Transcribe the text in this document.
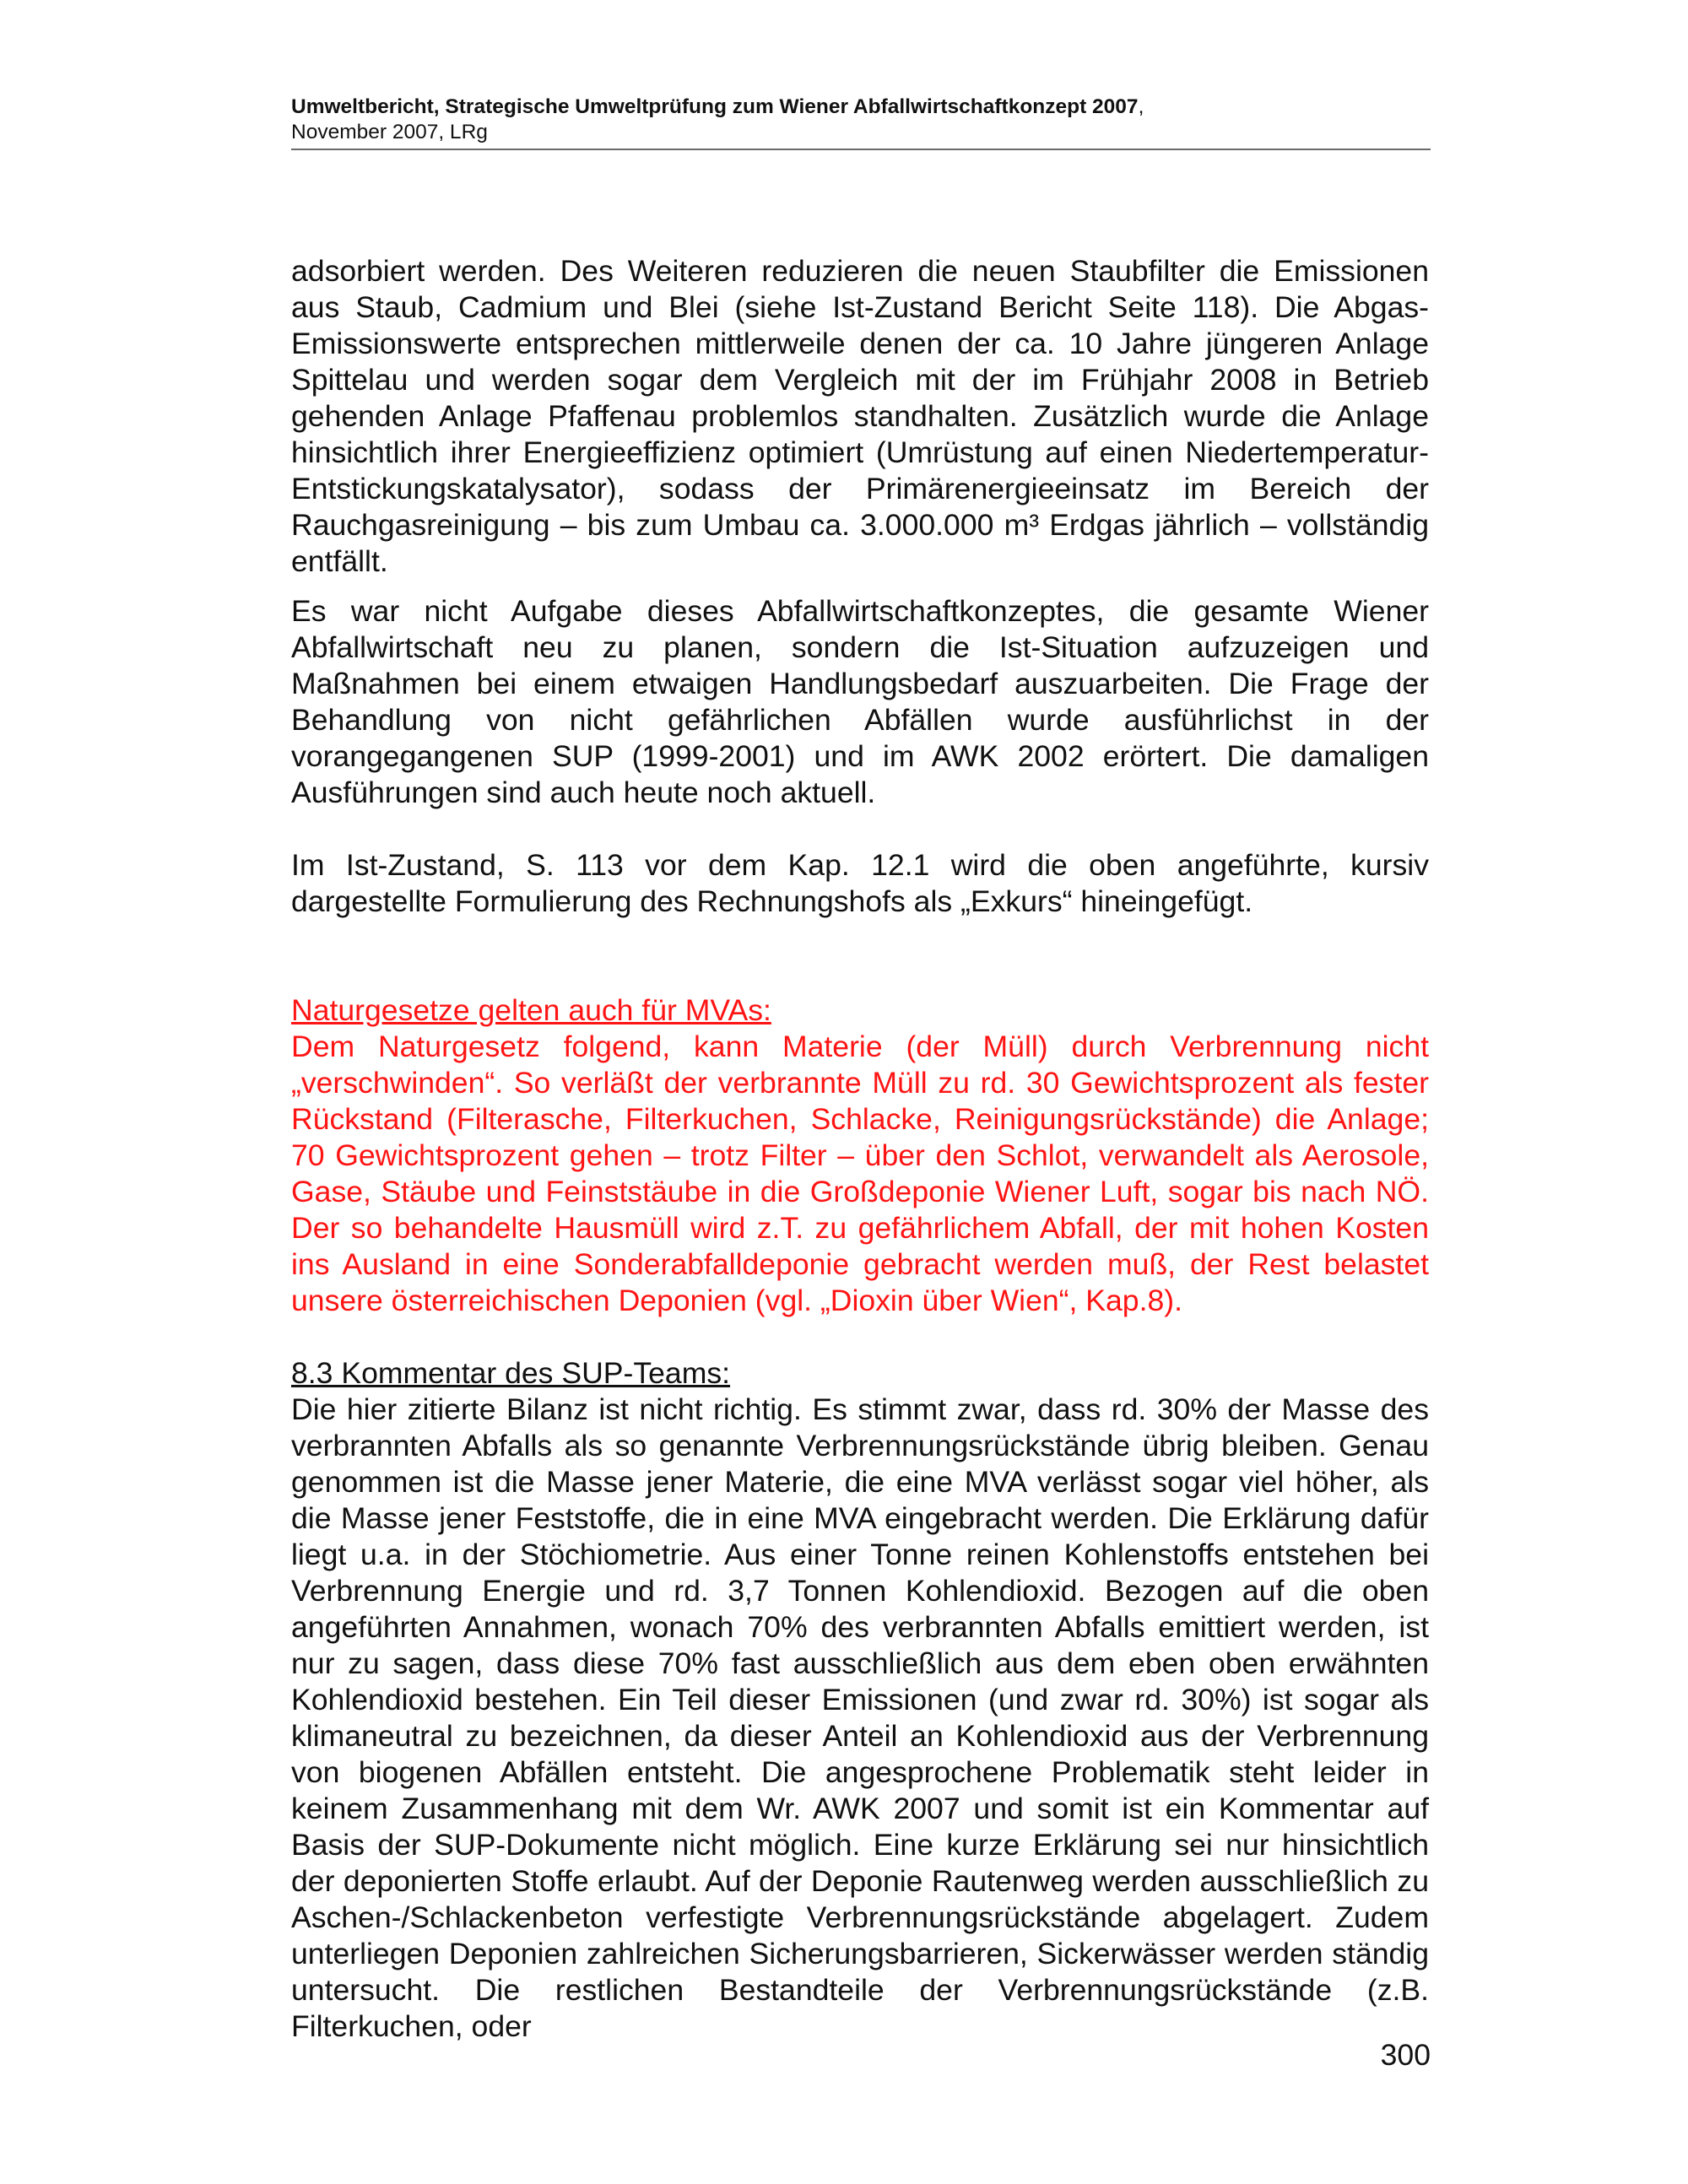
Umweltbericht, Strategische Umweltprüfung zum Wiener Abfallwirtschaftkonzept 2007,
November 2007, LRg

adsorbiert werden. Des Weiteren reduzieren die neuen Staubfilter die Emissionen aus Staub, Cadmium und Blei (siehe Ist-Zustand Bericht Seite 118). Die Abgas-Emissionswerte entsprechen mittlerweile denen der ca. 10 Jahre jüngeren Anlage Spittelau und werden sogar dem Vergleich mit der im Frühjahr 2008 in Betrieb gehenden Anlage Pfaffenau problemlos standhalten. Zusätzlich wurde die Anlage hinsichtlich ihrer Energieeffizienz optimiert (Umrüstung auf einen Niedertemperatur-Entstickungskatalysator), sodass der Primärenergieeinsatz im Bereich der Rauchgasreinigung – bis zum Umbau ca. 3.000.000 m³ Erdgas jährlich – vollständig entfällt.

Es war nicht Aufgabe dieses Abfallwirtschaftkonzeptes, die gesamte Wiener Abfallwirtschaft neu zu planen, sondern die Ist-Situation aufzuzeigen und Maßnahmen bei einem etwaigen Handlungsbedarf auszuarbeiten. Die Frage der Behandlung von nicht gefährlichen Abfällen wurde ausführlichst in der vorangegangenen SUP (1999-2001) und im AWK 2002 erörtert. Die damaligen Ausführungen sind auch heute noch aktuell.

Im Ist-Zustand, S. 113 vor dem Kap. 12.1 wird die oben angeführte, kursiv dargestellte Formulierung des Rechnungshofs als „Exkurs“ hineingefügt.

Naturgesetze gelten auch für MVAs:

Dem Naturgesetz folgend, kann Materie (der Müll) durch Verbrennung nicht „verschwinden“. So verläßt der verbrannte Müll zu rd. 30 Gewichtsprozent als fester Rückstand (Filterasche, Filterkuchen, Schlacke, Reinigungsrückstände) die Anlage; 70 Gewichtsprozent gehen – trotz Filter – über den Schlot, verwandelt als Aerosole, Gase, Stäube und Feinststäube in die Großdeponie Wiener Luft, sogar bis nach NÖ. Der so behandelte Hausmüll wird z.T. zu gefährlichem Abfall, der mit hohen Kosten ins Ausland in eine Sonderabfalldeponie gebracht werden muß, der Rest belastet unsere österreichischen Deponien (vgl. „Dioxin über Wien“, Kap.8).

8.3 Kommentar des SUP-Teams:

Die hier zitierte Bilanz ist nicht richtig. Es stimmt zwar, dass rd. 30% der Masse des verbrannten Abfalls als so genannte Verbrennungsrückstände übrig bleiben. Genau genommen ist die Masse jener Materie, die eine MVA verlässt sogar viel höher, als die Masse jener Feststoffe, die in eine MVA eingebracht werden. Die Erklärung dafür liegt u.a. in der Stöchiometrie. Aus einer Tonne reinen Kohlenstoffs entstehen bei Verbrennung Energie und rd. 3,7 Tonnen Kohlendioxid. Bezogen auf die oben angeführten Annahmen, wonach 70% des verbrannten Abfalls emittiert werden, ist nur zu sagen, dass diese 70% fast ausschließlich aus dem eben oben erwähnten Kohlendioxid bestehen. Ein Teil dieser Emissionen (und zwar rd. 30%) ist sogar als klimaneutral zu bezeichnen, da dieser Anteil an Kohlendioxid aus der Verbrennung von biogenen Abfällen entsteht. Die angesprochene Problematik steht leider in keinem Zusammenhang mit dem Wr. AWK 2007 und somit ist ein Kommentar auf Basis der SUP-Dokumente nicht möglich. Eine kurze Erklärung sei nur hinsichtlich der deponierten Stoffe erlaubt. Auf der Deponie Rautenweg werden ausschließlich zu Aschen-/Schlackenbeton verfestigte Verbrennungsrückstände abgelagert. Zudem unterliegen Deponien zahlreichen Sicherungsbarrieren, Sickerwässer werden ständig untersucht. Die restlichen Bestandteile der Verbrennungsrückstände (z.B. Filterkuchen, oder

300
